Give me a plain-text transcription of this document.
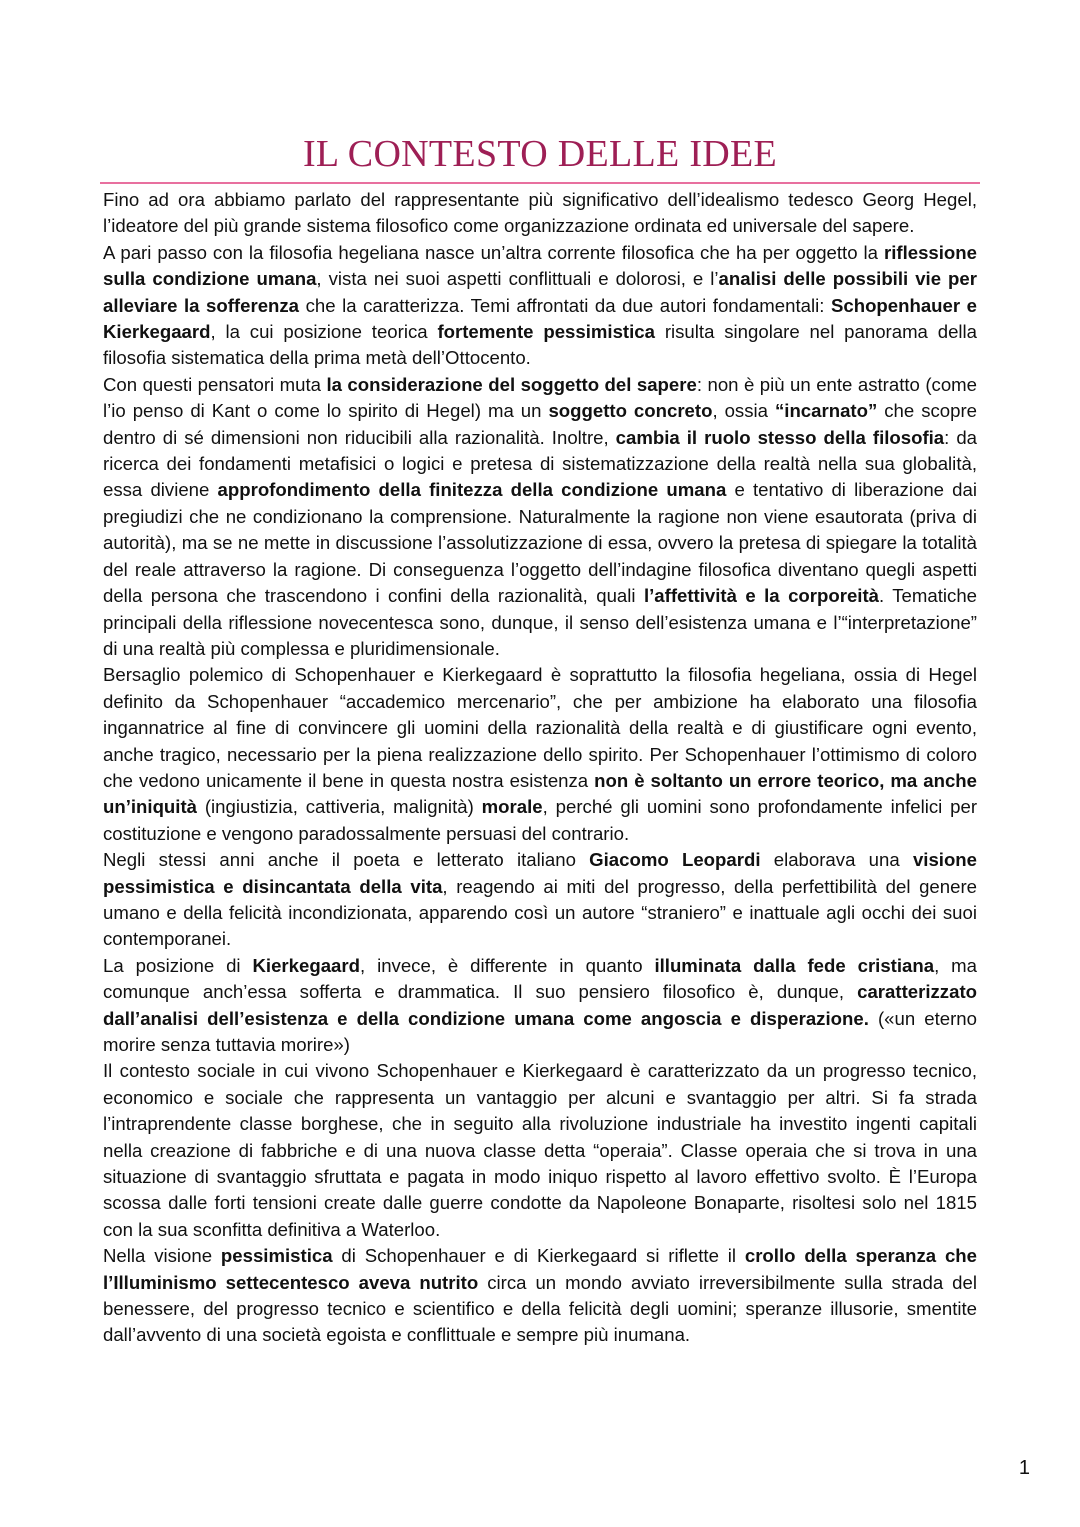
IL CONTESTO DELLE IDEE

Fino ad ora abbiamo parlato del rappresentante più significativo dell’idealismo tedesco Georg Hegel, l’ideatore del più grande sistema filosofico come organizzazione ordinata ed universale del sapere.

A pari passo con la filosofia hegeliana nasce un’altra corrente filosofica che ha per oggetto la riflessione sulla condizione umana, vista nei suoi aspetti conflittuali e dolorosi, e l’analisi delle possibili vie per alleviare la sofferenza che la caratterizza. Temi affrontati da due autori fondamentali: Schopenhauer e Kierkegaard, la cui posizione teorica fortemente pessimistica risulta singolare nel panorama della filosofia sistematica della prima metà dell’Ottocento.

Con questi pensatori muta la considerazione del soggetto del sapere: non è più un ente astratto (come l’io penso di Kant o come lo spirito di Hegel) ma un soggetto concreto, ossia “incarnato” che scopre dentro di sé dimensioni non riducibili alla razionalità. Inoltre, cambia il ruolo stesso della filosofia: da ricerca dei fondamenti metafisici o logici e pretesa di sistematizzazione della realtà nella sua globalità, essa diviene approfondimento della finitezza della condizione umana e tentativo di liberazione dai pregiudizi che ne condizionano la comprensione. Naturalmente la ragione non viene esautorata (priva di autorità), ma se ne mette in discussione l’assolutizzazione di essa, ovvero la pretesa di spiegare la totalità del reale attraverso la ragione. Di conseguenza l’oggetto dell’indagine filosofica diventano quegli aspetti della persona che trascendono i confini della razionalità, quali l’affettività e la corporeità. Tematiche principali della riflessione novecentesca sono, dunque, il senso dell’esistenza umana e l’“interpretazione” di una realtà più complessa e pluridimensionale.

Bersaglio polemico di Schopenhauer e Kierkegaard è soprattutto la filosofia hegeliana, ossia di Hegel definito da Schopenhauer “accademico mercenario”, che per ambizione ha elaborato una filosofia ingannatrice al fine di convincere gli uomini della razionalità della realtà e di giustificare ogni evento, anche tragico, necessario per la piena realizzazione dello spirito. Per Schopenhauer l’ottimismo di coloro che vedono unicamente il bene in questa nostra esistenza non è soltanto un errore teorico, ma anche un’iniquità (ingiustizia, cattiveria, malignità) morale, perché gli uomini sono profondamente infelici per costituzione e vengono paradossalmente persuasi del contrario.

Negli stessi anni anche il poeta e letterato italiano Giacomo Leopardi elaborava una visione pessimistica e disincantata della vita, reagendo ai miti del progresso, della perfettibilità del genere umano e della felicità incondizionata, apparendo così un autore “straniero” e inattuale agli occhi dei suoi contemporanei.

La posizione di Kierkegaard, invece, è differente in quanto illuminata dalla fede cristiana, ma comunque anch’essa sofferta e drammatica. Il suo pensiero filosofico è, dunque, caratterizzato dall’analisi dell’esistenza e della condizione umana come angoscia e disperazione. («un eterno morire senza tuttavia morire»)

Il contesto sociale in cui vivono Schopenhauer e Kierkegaard è caratterizzato da un progresso tecnico, economico e sociale che rappresenta un vantaggio per alcuni e svantaggio per altri. Si fa strada l’intraprendente classe borghese, che in seguito alla rivoluzione industriale ha investito ingenti capitali nella creazione di fabbriche e di una nuova classe detta “operaia”. Classe operaia che si trova in una situazione di svantaggio sfruttata e pagata in modo iniquo rispetto al lavoro effettivo svolto. È l’Europa scossa dalle forti tensioni create dalle guerre condotte da Napoleone Bonaparte, risoltesi solo nel 1815 con la sua sconfitta definitiva a Waterloo.

Nella visione pessimistica di Schopenhauer e di Kierkegaard si riflette il crollo della speranza che l’Illuminismo settecentesco aveva nutrito circa un mondo avviato irreversibilmente sulla strada del benessere, del progresso tecnico e scientifico e della felicità degli uomini; speranze illusorie, smentite dall’avvento di una società egoista e conflittuale e sempre più inumana.

1
